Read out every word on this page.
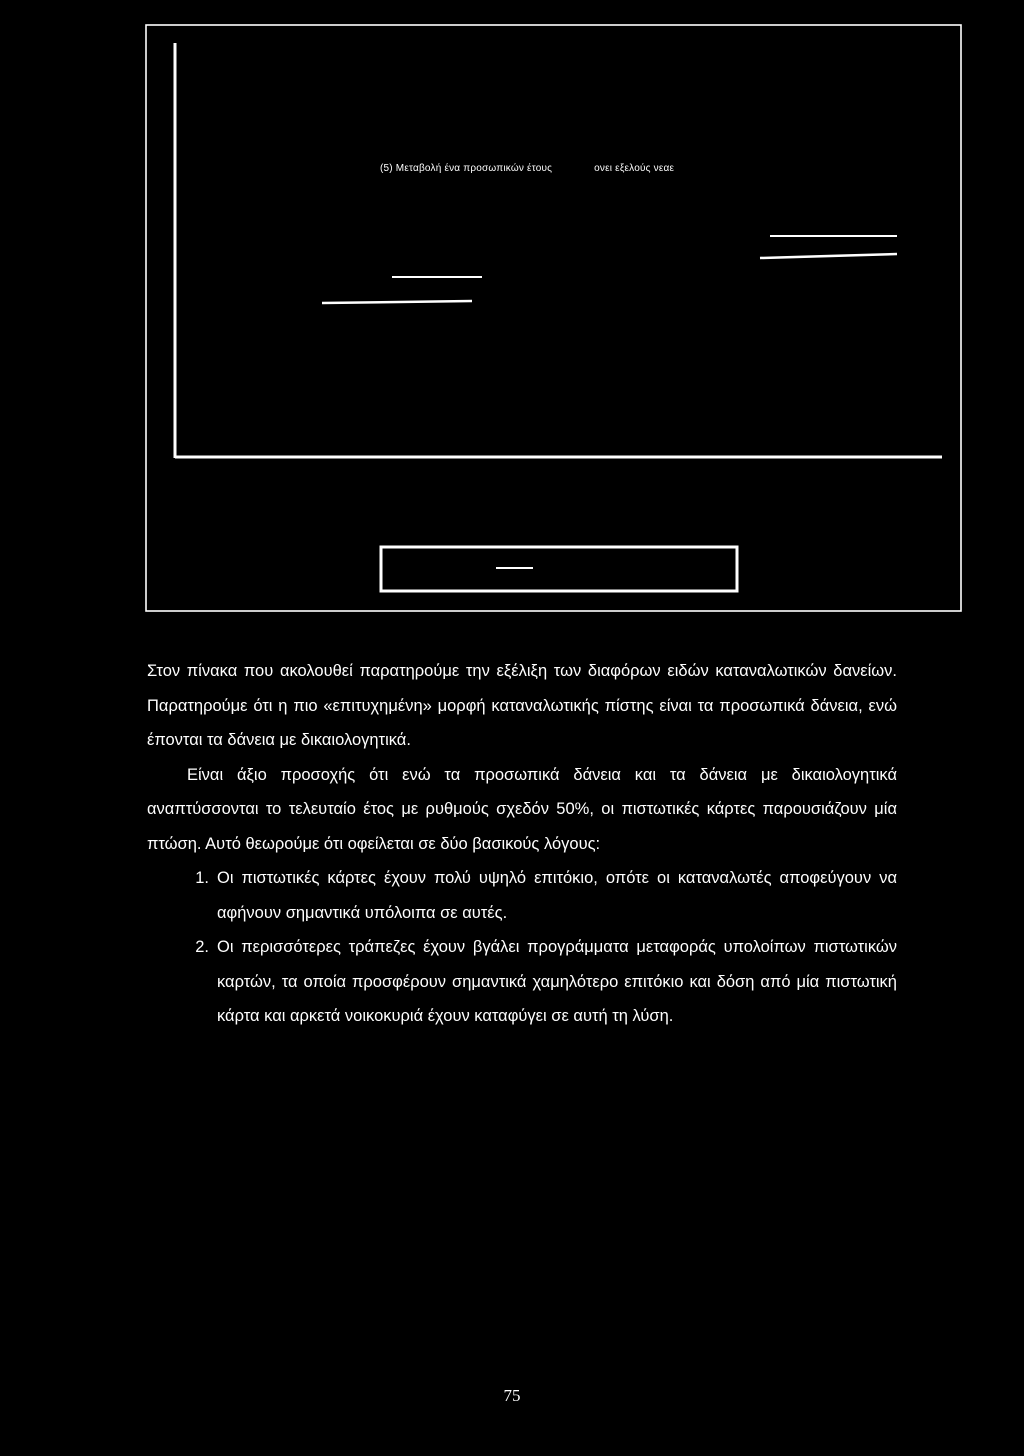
(5) Μεταβολή ένα προσωπικών έτους	ονει εξελούς νεαε

Στον πίνακα που ακολουθεί παρατηρούμε την εξέλιξη των διαφόρων ειδών καταναλωτικών δανείων. Παρατηρούμε ότι η πιο «επιτυχημένη» μορφή καταναλωτικής πίστης είναι τα προσωπικά δάνεια, ενώ έπονται τα δάνεια με δικαιολογητικά.

Είναι άξιο προσοχής ότι ενώ τα προσωπικά δάνεια και τα δάνεια με δικαιολογητικά αναπτύσσονται το τελευταίο έτος με ρυθμούς σχεδόν 50%, οι πιστωτικές κάρτες παρουσιάζουν μία πτώση. Αυτό θεωρούμε ότι οφείλεται σε δύο βασικούς λόγους:

1. Οι πιστωτικές κάρτες έχουν πολύ υψηλό επιτόκιο, οπότε οι καταναλωτές αποφεύγουν να αφήνουν σημαντικά υπόλοιπα σε αυτές.
2. Οι περισσότερες τράπεζες έχουν βγάλει προγράμματα μεταφοράς υπολοίπων πιστωτικών καρτών, τα οποία προσφέρουν σημαντικά χαμηλότερο επιτόκιο και δόση από μία πιστωτική κάρτα και αρκετά νοικοκυριά έχουν καταφύγει σε αυτή τη λύση.
75
